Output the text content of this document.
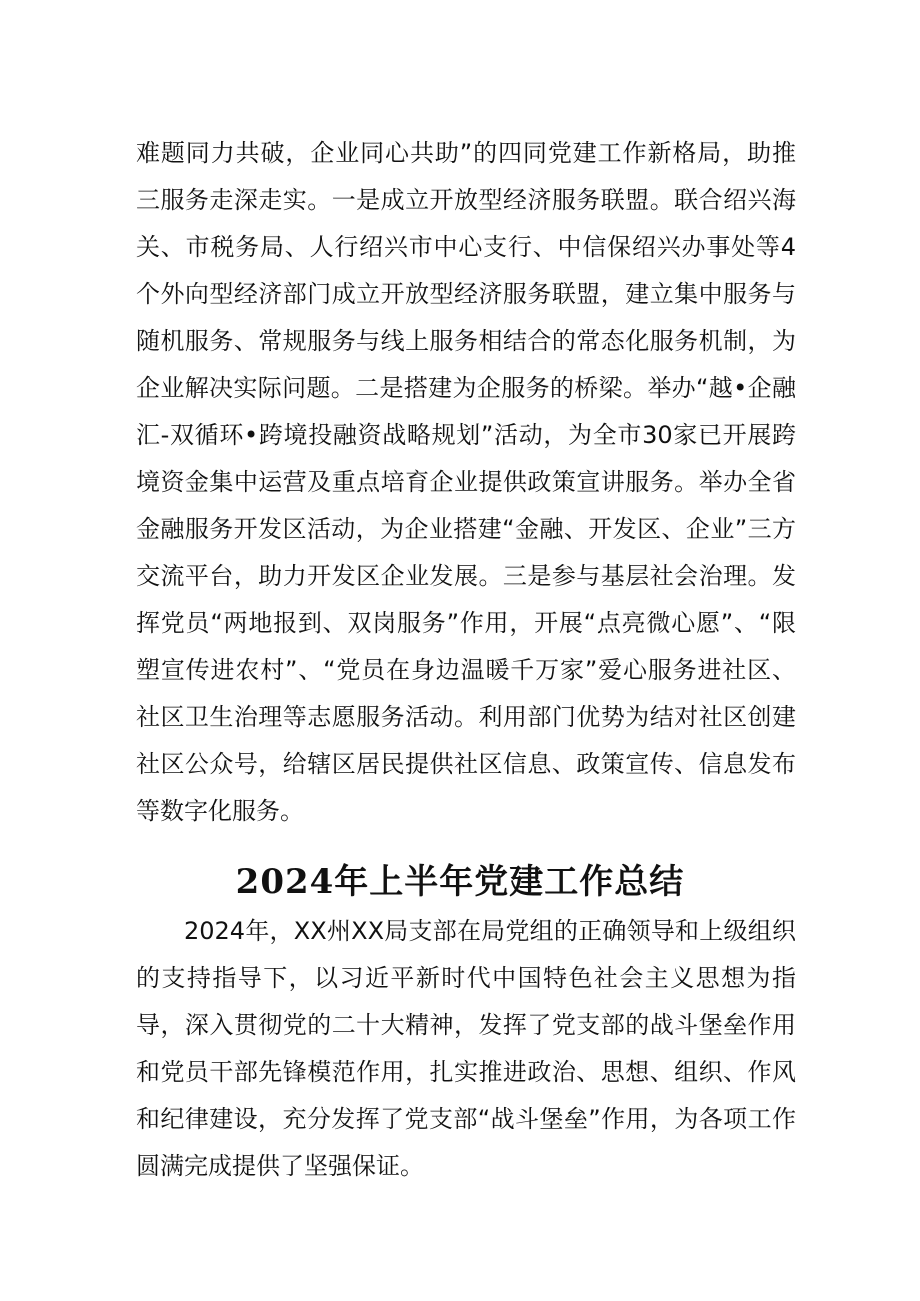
难题同力共破，企业同心共助”的四同党建工作新格局，助推三服务走深走实。一是成立开放型经济服务联盟。联合绍兴海关、市税务局、人行绍兴市中心支行、中信保绍兴办事处等4个外向型经济部门成立开放型经济服务联盟，建立集中服务与随机服务、常规服务与线上服务相结合的常态化服务机制，为企业解决实际问题。二是搭建为企服务的桥梁。举办“越•企融汇-双循环•跨境投融资战略规划”活动，为全市30家已开展跨境资金集中运营及重点培育企业提供政策宣讲服务。举办全省金融服务开发区活动，为企业搭建“金融、开发区、企业”三方交流平台，助力开发区企业发展。三是参与基层社会治理。发挥党员“两地报到、双岗服务”作用，开展“点亮微心愿”、“限塑宣传进农村”、“党员在身边温暖千万家”爱心服务进社区、社区卫生治理等志愿服务活动。利用部门优势为结对社区创建社区公众号，给辖区居民提供社区信息、政策宣传、信息发布等数字化服务。

2024年上半年党建工作总结

2024年，XX州XX局支部在局党组的正确领导和上级组织的支持指导下，以习近平新时代中国特色社会主义思想为指导，深入贯彻党的二十大精神，发挥了党支部的战斗堡垒作用和党员干部先锋模范作用，扎实推进政治、思想、组织、作风和纪律建设，充分发挥了党支部“战斗堡垒”作用，为各项工作圆满完成提供了坚强保证。
